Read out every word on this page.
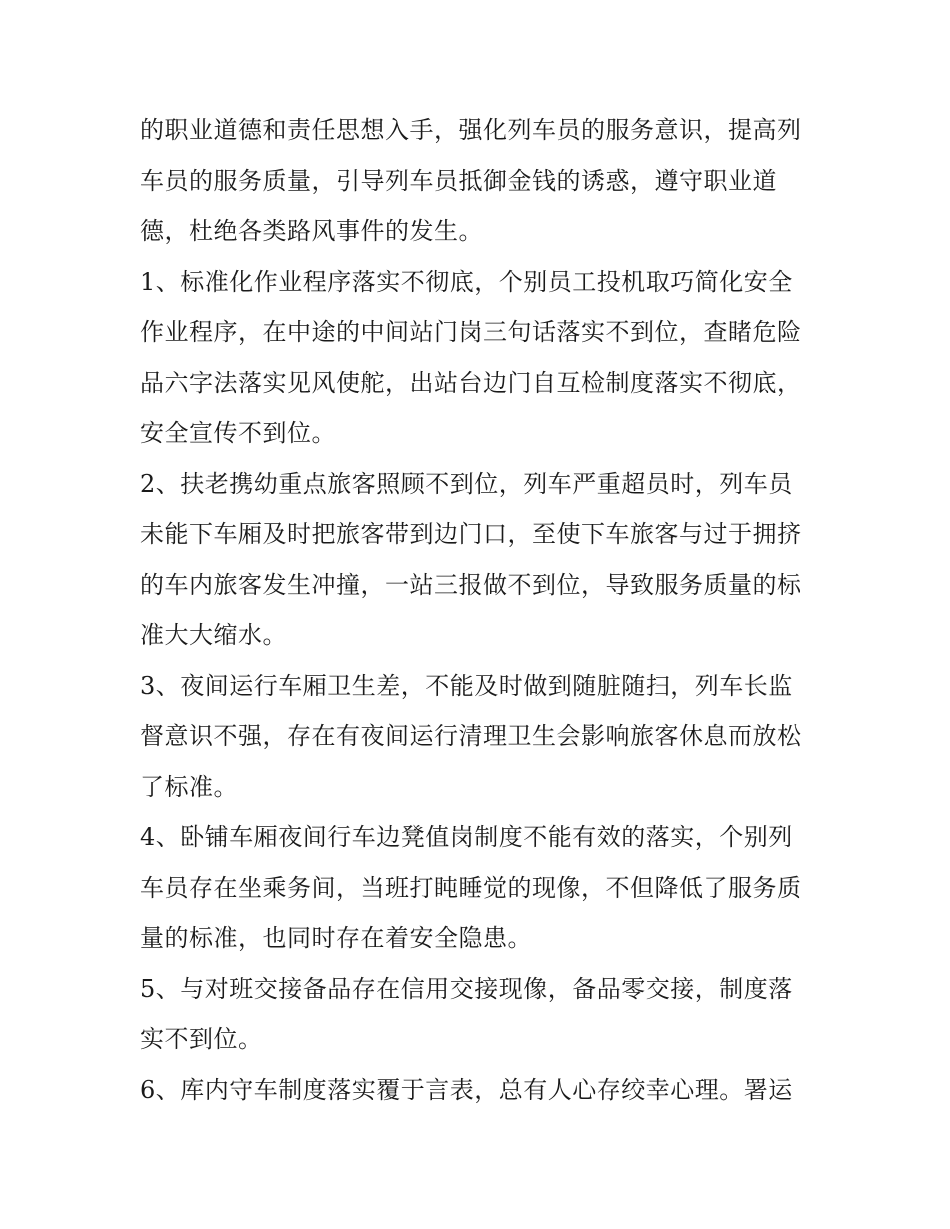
的职业道德和责任思想入手，强化列车员的服务意识，提高列
车员的服务质量，引导列车员抵御金钱的诱惑，遵守职业道
德，杜绝各类路风事件的发生。

1、标准化作业程序落实不彻底，个别员工投机取巧简化安全
作业程序，在中途的中间站门岗三句话落实不到位，查睹危险
品六字法落实见风使舵，出站台边门自互检制度落实不彻底，
安全宣传不到位。

2、扶老携幼重点旅客照顾不到位，列车严重超员时，列车员
未能下车厢及时把旅客带到边门口，至使下车旅客与过于拥挤
的车内旅客发生冲撞，一站三报做不到位，导致服务质量的标
准大大缩水。

3、夜间运行车厢卫生差，不能及时做到随脏随扫，列车长监
督意识不强，存在有夜间运行清理卫生会影响旅客休息而放松
了标准。

4、卧铺车厢夜间行车边凳值岗制度不能有效的落实，个别列
车员存在坐乘务间，当班打盹睡觉的现像，不但降低了服务质
量的标准，也同时存在着安全隐患。

5、与对班交接备品存在信用交接现像，备品零交接，制度落
实不到位。

6、库内守车制度落实覆于言表，总有人心存绞幸心理。署运
